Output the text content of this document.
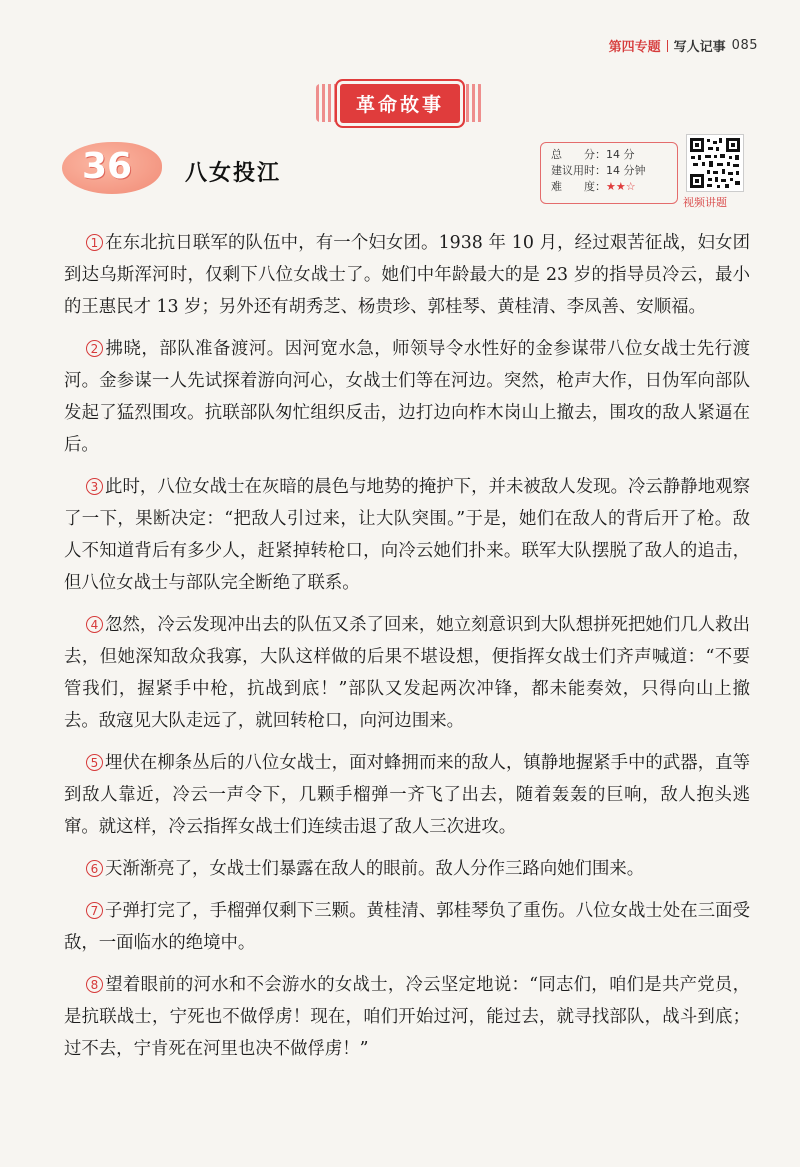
第四专题 写人记事 085
革命故事
36 八女投江
总　　分：14 分
建议用时：14 分钟
难　　度：★★☆
视频讲题

1 在东北抗日联军的队伍中，有一个妇女团。1938 年 10 月，经过艰苦征战，妇女团到达乌斯浑河时，仅剩下八位女战士了。她们中年龄最大的是 23 岁的指导员冷云，最小的王惠民才 13 岁；另外还有胡秀芝、杨贵珍、郭桂琴、黄桂清、李凤善、安顺福。

2 拂晓，部队准备渡河。因河宽水急，师领导令水性好的金参谋带八位女战士先行渡河。金参谋一人先试探着游向河心，女战士们等在河边。突然，枪声大作，日伪军向部队发起了猛烈围攻。抗联部队匆忙组织反击，边打边向柞木岗山上撤去，围攻的敌人紧逼在后。

3 此时，八位女战士在灰暗的晨色与地势的掩护下，并未被敌人发现。冷云静静地观察了一下，果断决定：“把敌人引过来，让大队突围。”于是，她们在敌人的背后开了枪。敌人不知道背后有多少人，赶紧掉转枪口，向冷云她们扑来。联军大队摆脱了敌人的追击，但八位女战士与部队完全断绝了联系。

4 忽然，冷云发现冲出去的队伍又杀了回来，她立刻意识到大队想拼死把她们几人救出去，但她深知敌众我寡，大队这样做的后果不堪设想，便指挥女战士们齐声喊道：“不要管我们，握紧手中枪，抗战到底！”部队又发起两次冲锋，都未能奏效，只得向山上撤去。敌寇见大队走远了，就回转枪口，向河边围来。

5 埋伏在柳条丛后的八位女战士，面对蜂拥而来的敌人，镇静地握紧手中的武器，直等到敌人靠近，冷云一声令下，几颗手榴弹一齐飞了出去，随着轰轰的巨响，敌人抱头逃窜。就这样，冷云指挥女战士们连续击退了敌人三次进攻。

6 天渐渐亮了，女战士们暴露在敌人的眼前。敌人分作三路向她们围来。

7 子弹打完了，手榴弹仅剩下三颗。黄桂清、郭桂琴负了重伤。八位女战士处在三面受敌，一面临水的绝境中。

8 望着眼前的河水和不会游水的女战士，冷云坚定地说：“同志们，咱们是共产党员，是抗联战士，宁死也不做俘虏！现在，咱们开始过河，能过去，就寻找部队，战斗到底；过不去，宁肯死在河里也决不做俘虏！”
